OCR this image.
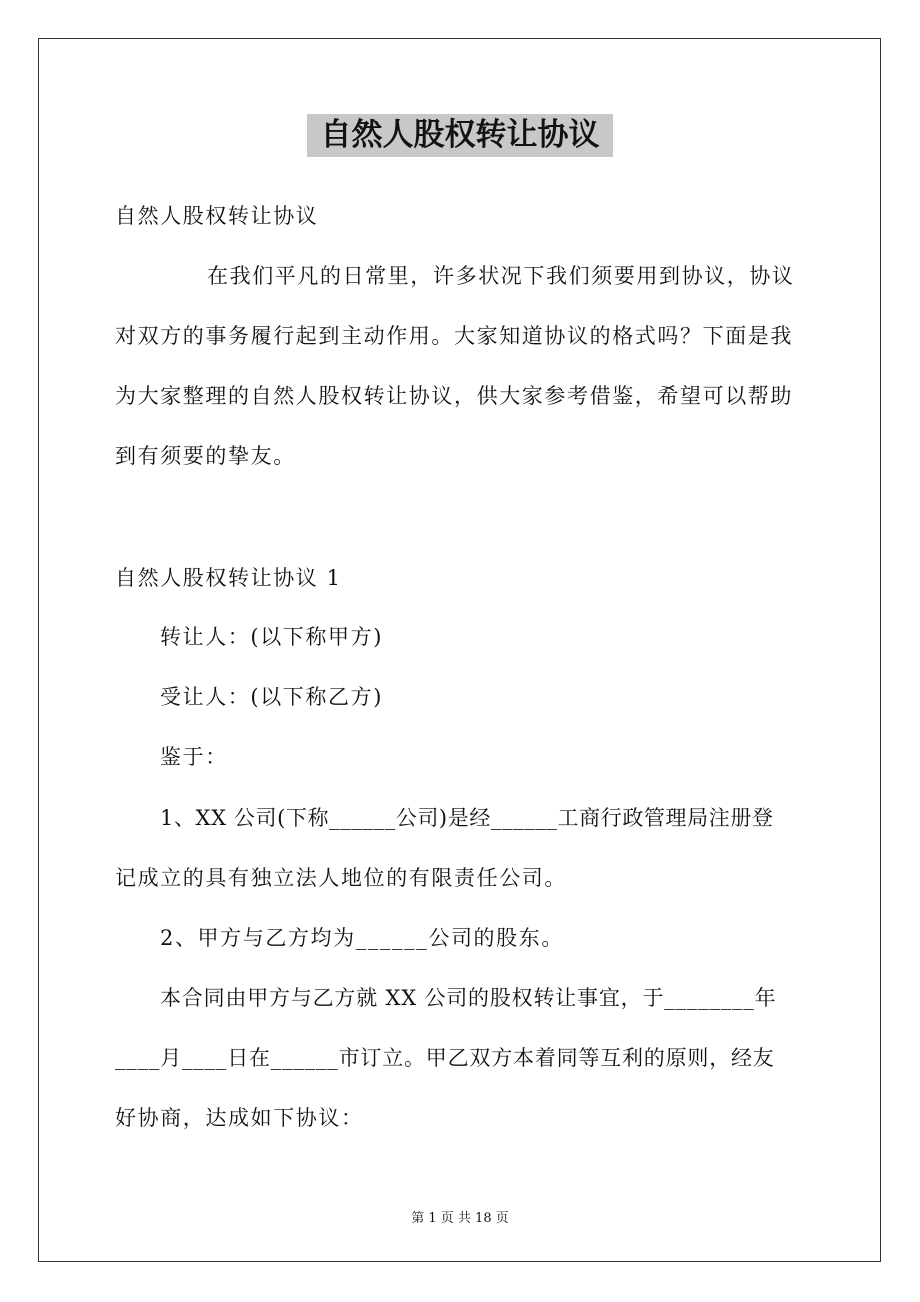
自然人股权转让协议
自然人股权转让协议
在我们平凡的日常里，许多状况下我们须要用到协议，协议
对双方的事务履行起到主动作用。大家知道协议的格式吗？下面是我
为大家整理的自然人股权转让协议，供大家参考借鉴，希望可以帮助
到有须要的挚友。
自然人股权转让协议 1
转让人：(以下称甲方)
受让人：(以下称乙方)
鉴于：
1、XX 公司(下称______公司)是经______工商行政管理局注册登
记成立的具有独立法人地位的有限责任公司。
2、甲方与乙方均为______公司的股东。
本合同由甲方与乙方就 XX 公司的股权转让事宜，于________年
____月____日在______市订立。甲乙双方本着同等互利的原则，经友
好协商，达成如下协议：
第 1 页 共 18 页
